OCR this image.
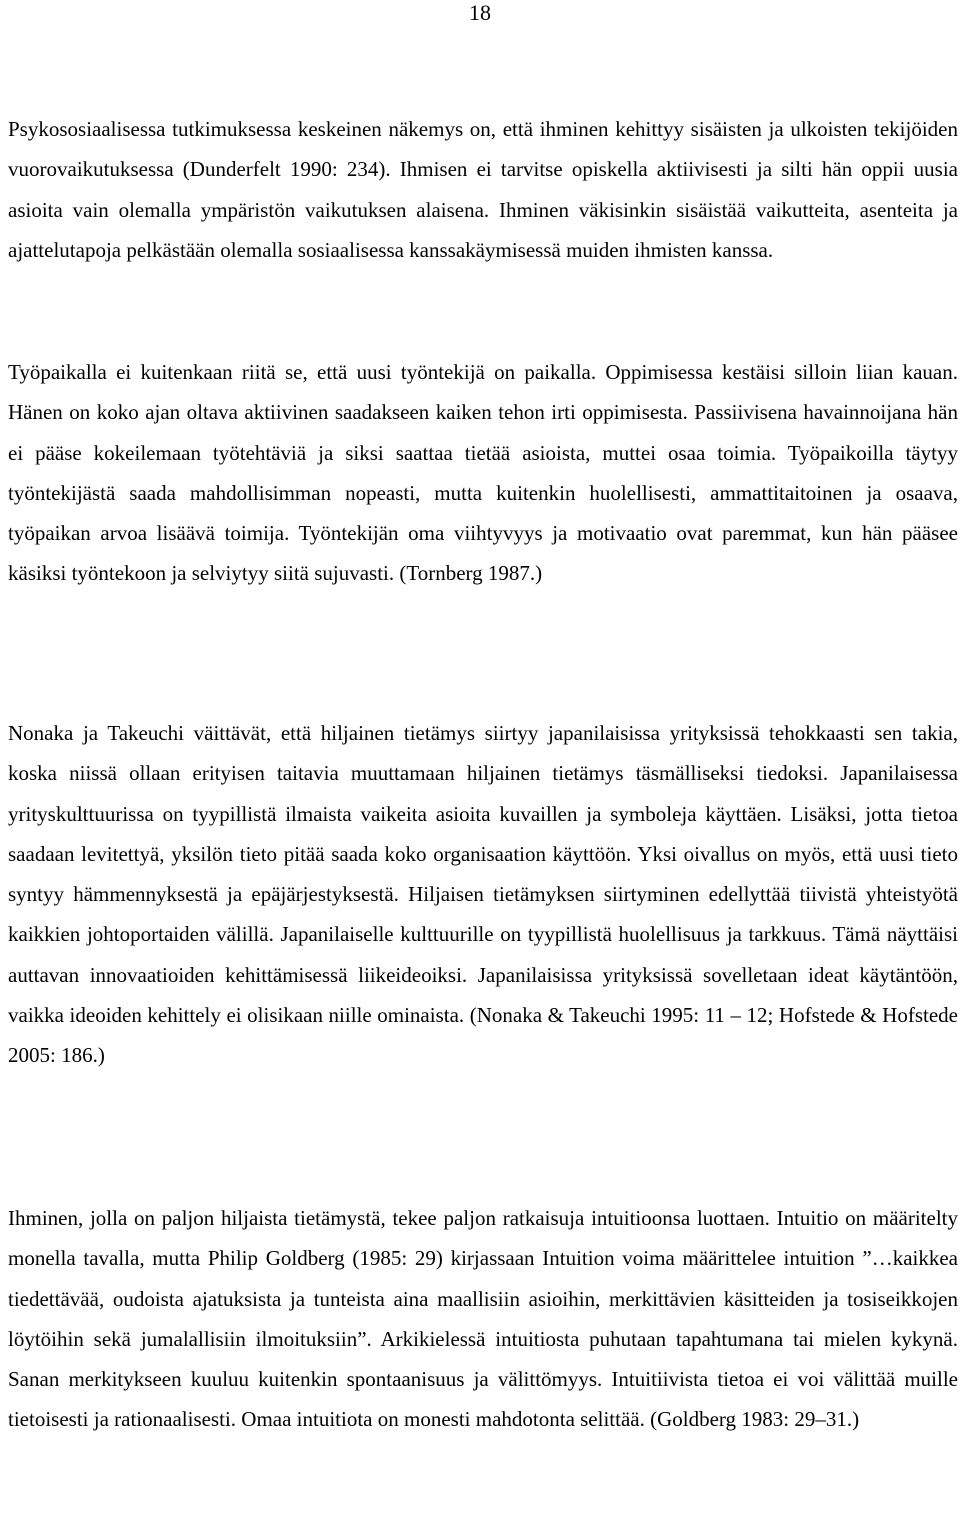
18

Psykososiaalisessa tutkimuksessa keskeinen näkemys on, että ihminen kehittyy sisäisten ja ulkoisten tekijöiden vuorovaikutuksessa (Dunderfelt 1990: 234). Ihmisen ei tarvitse opiskella aktiivisesti ja silti hän oppii uusia asioita vain olemalla ympäristön vaikutuksen alaisena. Ihminen väkisinkin sisäistää vaikutteita, asenteita ja ajattelutapoja pelkästään olemalla sosiaalisessa kanssakäymisessä muiden ihmisten kanssa.

Työpaikalla ei kuitenkaan riitä se, että uusi työntekijä on paikalla. Oppimisessa kestäisi silloin liian kauan. Hänen on koko ajan oltava aktiivinen saadakseen kaiken tehon irti oppimisesta. Passiivisena havainnoijana hän ei pääse kokeilemaan työtehtäviä ja siksi saattaa tietää asioista, muttei osaa toimia. Työpaikoilla täytyy työntekijästä saada mahdollisimman nopeasti, mutta kuitenkin huolellisesti, ammattitaitoinen ja osaava, työpaikan arvoa lisäävä toimija. Työntekijän oma viihtyvyys ja motivaatio ovat paremmat, kun hän pääsee käsiksi työntekoon ja selviytyy siitä sujuvasti. (Tornberg 1987.)

Nonaka ja Takeuchi väittävät, että hiljainen tietämys siirtyy japanilaisissa yrityksissä tehokkaasti sen takia, koska niissä ollaan erityisen taitavia muuttamaan hiljainen tietämys täsmälliseksi tiedoksi. Japanilaisessa yrityskulttuurissa on tyypillistä ilmaista vaikeita asioita kuvaillen ja symboleja käyttäen. Lisäksi, jotta tietoa saadaan levitettyä, yksilön tieto pitää saada koko organisaation käyttöön. Yksi oivallus on myös, että uusi tieto syntyy hämmennyksestä ja epäjärjestyksestä. Hiljaisen tietämyksen siirtyminen edellyttää tiivistä yhteistyötä kaikkien johtoportaiden välillä. Japanilaiselle kulttuurille on tyypillistä huolellisuus ja tarkkuus. Tämä näyttäisi auttavan innovaatioiden kehittämisessä liikeideoiksi. Japanilaisissa yrityksissä sovelletaan ideat käytäntöön, vaikka ideoiden kehittely ei olisikaan niille ominaista. (Nonaka & Takeuchi 1995: 11 – 12; Hofstede & Hofstede 2005: 186.)

Ihminen, jolla on paljon hiljaista tietämystä, tekee paljon ratkaisuja intuitioonsa luottaen. Intuitio on määritelty monella tavalla, mutta Philip Goldberg (1985: 29) kirjassaan Intuition voima määrittelee intuition ”…kaikkea tiedettävää, oudoista ajatuksista ja tunteista aina maallisiin asioihin, merkittävien käsitteiden ja tosiseikkojen löytöihin sekä jumalallisiin ilmoituksiin”. Arkikielessä intuitiosta puhutaan tapahtumana tai mielen kykynä. Sanan merkitykseen kuuluu kuitenkin spontaanisuus ja välittömyys. Intuitiivista tietoa ei voi välittää muille tietoisesti ja rationaalisesti. Omaa intuitiota on monesti mahdotonta selittää. (Goldberg 1983: 29–31.)
